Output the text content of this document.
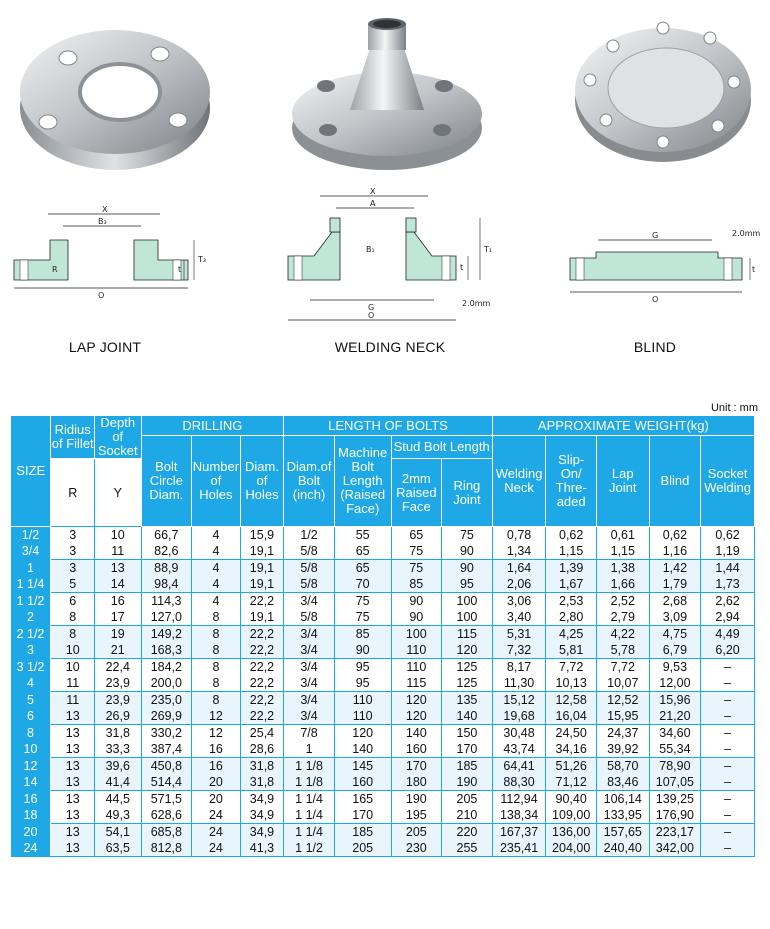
X
B₃
R
O
t
T₃
X
A
B₁
G
O
t
T₁
2.0mm
G
O
t
2.0mm
LAP JOINT	WELDING NECK	BLIND
Unit : mm
SIZE	Ridius of Fillet	Depth of Socket	DRILLING			LENGTH OF BOLTS				APPROXIMATE WEIGHT(kg)				
			Bolt Circle Diam.	Number of Holes	Diam. of Holes	Diam.of Bolt (inch)	Machine Bolt Length (Raised Face)	Stud Bolt Length		Welding Neck	Slip- On/ Thre- aded	Lap Joint	Blind	Socket Welding
	R	Y						2mm Raised Face	Ring Joint					
1/2	3	10	66,7	4	15,9	1/2	55	65	75	0,78	0,62	0,61	0,62	0,62
3/4	3	11	82,6	4	19,1	5/8	65	75	90	1,34	1,15	1,15	1,16	1,19
1	3	13	88,9	4	19,1	5/8	65	75	90	1,64	1,39	1,38	1,42	1,44
1 1/4	5	14	98,4	4	19,1	5/8	70	85	95	2,06	1,67	1,66	1,79	1,73
1 1/2	6	16	114,3	4	22,2	3/4	75	90	100	3,06	2,53	2,52	2,68	2,62
2	8	17	127,0	8	19,1	5/8	75	90	100	3,40	2,80	2,79	3,09	2,94
2 1/2	8	19	149,2	8	22,2	3/4	85	100	115	5,31	4,25	4,22	4,75	4,49
3	10	21	168,3	8	22,2	3/4	90	110	120	7,32	5,81	5,78	6,79	6,20
3 1/2	10	22,4	184,2	8	22,2	3/4	95	110	125	8,17	7,72	7,72	9,53	–
4	11	23,9	200,0	8	22,2	3/4	95	115	125	11,30	10,13	10,07	12,00	–
5	11	23,9	235,0	8	22,2	3/4	110	120	135	15,12	12,58	12,52	15,96	–
6	13	26,9	269,9	12	22,2	3/4	110	120	140	19,68	16,04	15,95	21,20	–
8	13	31,8	330,2	12	25,4	7/8	120	140	150	30,48	24,50	24,37	34,60	–
10	13	33,3	387,4	16	28,6	1	140	160	170	43,74	34,16	39,92	55,34	–
12	13	39,6	450,8	16	31,8	1 1/8	145	170	185	64,41	51,26	58,70	78,90	–
14	13	41,4	514,4	20	31,8	1 1/8	160	180	190	88,30	71,12	83,46	107,05	–
16	13	44,5	571,5	20	34,9	1 1/4	165	190	205	112,94	90,40	106,14	139,25	–
18	13	49,3	628,6	24	34,9	1 1/4	170	195	210	138,34	109,00	133,95	176,90	–
20	13	54,1	685,8	24	34,9	1 1/4	185	205	220	167,37	136,00	157,65	223,17	–
24	13	63,5	812,8	24	41,3	1 1/2	205	230	255	235,41	204,00	240,40	342,00	–
